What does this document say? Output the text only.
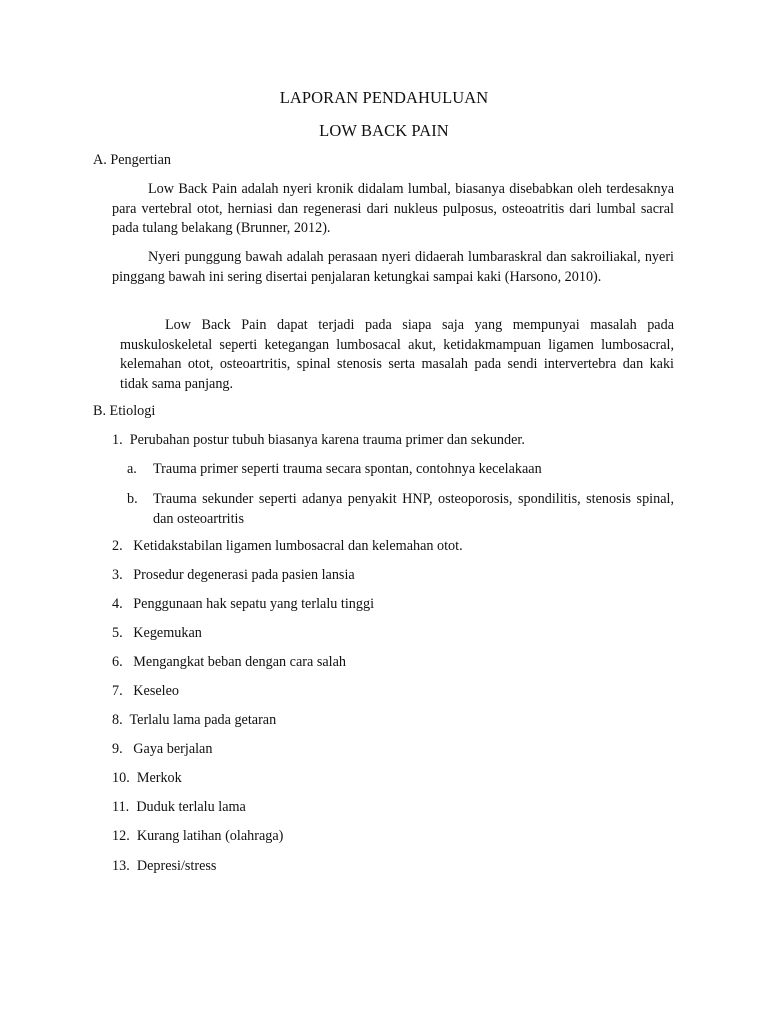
LAPORAN PENDAHULUAN
LOW BACK PAIN
A. Pengertian

Low Back Pain adalah nyeri kronik didalam lumbal, biasanya disebabkan oleh terdesaknya para vertebral otot, herniasi dan regenerasi dari nukleus pulposus, osteoatritis dari lumbal sacral pada tulang belakang (Brunner, 2012).

Nyeri punggung bawah adalah perasaan nyeri didaerah lumbaraskral dan sakroiliakal, nyeri pinggang bawah ini sering disertai penjalaran ketungkai sampai kaki (Harsono, 2010).

Low Back Pain dapat terjadi pada siapa saja yang mempunyai masalah pada muskuloskeletal seperti ketegangan lumbosacal akut, ketidakmampuan ligamen lumbosacral, kelemahan otot, osteoartritis, spinal stenosis serta masalah pada sendi intervertebra dan kaki tidak sama panjang.

B. Etiologi
1. Perubahan postur tubuh biasanya karena trauma primer dan sekunder.
a. Trauma primer seperti trauma secara spontan, contohnya kecelakaan
b. Trauma sekunder seperti adanya penyakit HNP, osteoporosis, spondilitis, stenosis spinal, dan osteoartritis
2. Ketidakstabilan ligamen lumbosacral dan kelemahan otot.
3. Prosedur degenerasi pada pasien lansia
4. Penggunaan hak sepatu yang terlalu tinggi
5. Kegemukan
6. Mengangkat beban dengan cara salah
7. Keseleo
8. Terlalu lama pada getaran
9. Gaya berjalan
10. Merkok
11. Duduk terlalu lama
12. Kurang latihan (olahraga)
13. Depresi/stress
